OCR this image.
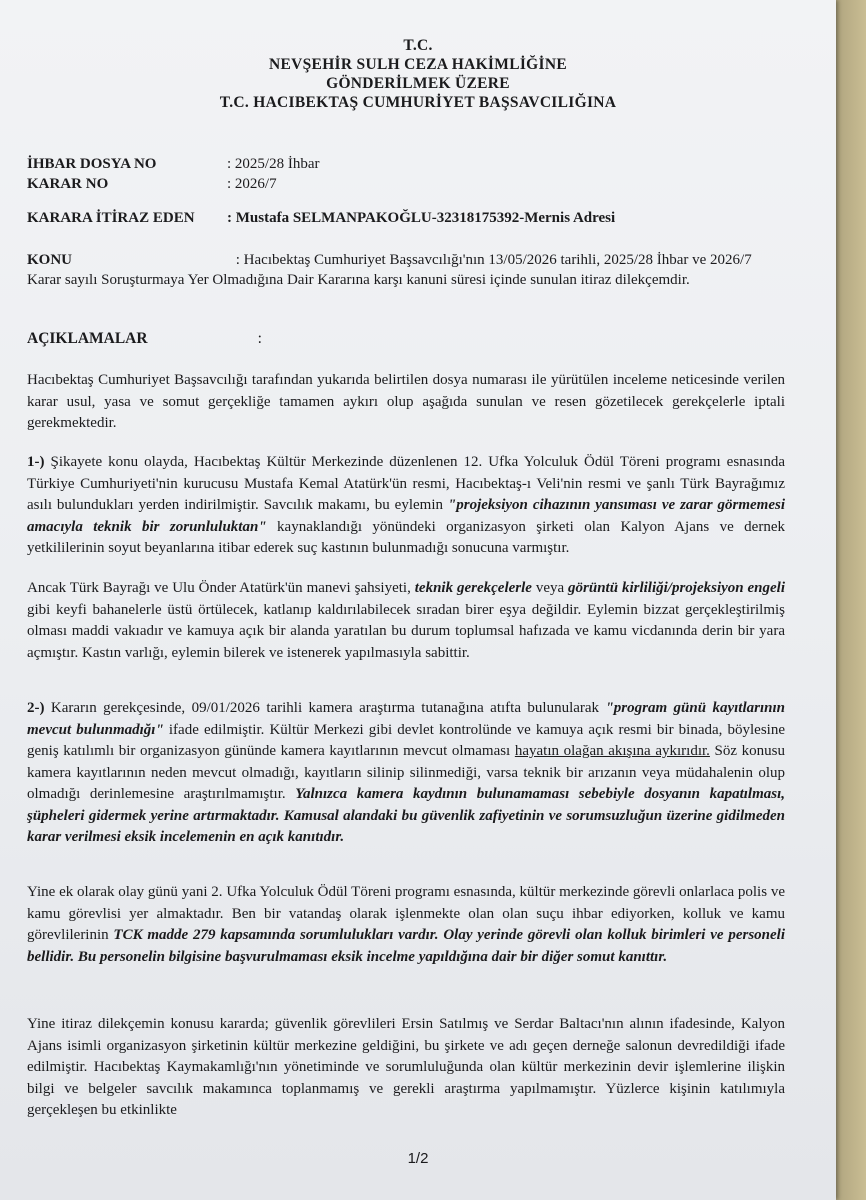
T.C.
NEVŞEHİR SULH CEZA HAKİMLİĞİNE
GÖNDERİLMEK ÜZERE
T.C. HACIBEKTAŞ CUMHURİYET BAŞSAVCILIĞINA
İHBAR DOSYA NO	: 2025/28 İhbar
KARAR NO	: 2026/7
KARARA İTİRAZ EDEN : Mustafa SELMANPAKOĞLU-32318175392-Mernis Adresi
KONU	: Hacıbektaş Cumhuriyet Başsavcılığı'nın 13/05/2026 tarihli, 2025/28 İhbar ve 2026/7 Karar sayılı Soruşturmaya Yer Olmadığına Dair Kararına karşı kanuni süresi içinde sunulan itiraz dilekçemdir.
AÇIKLAMALAR	:
Hacıbektaş Cumhuriyet Başsavcılığı tarafından yukarıda belirtilen dosya numarası ile yürütülen inceleme neticesinde verilen karar usul, yasa ve somut gerçekliğe tamamen aykırı olup aşağıda sunulan ve resen gözetilecek gerekçelerle iptali gerekmektedir.
1-) Şikayete konu olayda, Hacıbektaş Kültür Merkezinde düzenlenen 12. Ufka Yolculuk Ödül Töreni programı esnasında Türkiye Cumhuriyeti'nin kurucusu Mustafa Kemal Atatürk'ün resmi, Hacıbektaş-ı Veli'nin resmi ve şanlı Türk Bayrağımız asılı bulundukları yerden indirilmiştir. Savcılık makamı, bu eylemin "projeksiyon cihazının yansıması ve zarar görmemesi amacıyla teknik bir zorunluluktan" kaynaklandığı yönündeki organizasyon şirketi olan Kalyon Ajans ve dernek yetkililerinin soyut beyanlarına itibar ederek suç kastının bulunmadığı sonucuna varmıştır.
Ancak Türk Bayrağı ve Ulu Önder Atatürk'ün manevi şahsiyeti, teknik gerekçelerle veya görüntü kirliliği/projeksiyon engeli gibi keyfi bahanelerle üstü örtülecek, katlanıp kaldırılabilecek sıradan birer eşya değildir. Eylemin bizzat gerçekleştirilmiş olması maddi vakıadır ve kamuya açık bir alanda yaratılan bu durum toplumsal hafızada ve kamu vicdanında derin bir yara açmıştır. Kastın varlığı, eylemin bilerek ve istenerek yapılmasıyla sabittir.
2-) Kararın gerekçesinde, 09/01/2026 tarihli kamera araştırma tutanağına atıfta bulunularak "program günü kayıtlarının mevcut bulunmadığı" ifade edilmiştir. Kültür Merkezi gibi devlet kontrolünde ve kamuya açık resmi bir binada, böylesine geniş katılımlı bir organizasyon gününde kamera kayıtlarının mevcut olmaması hayatın olağan akışına aykırıdır. Söz konusu kamera kayıtlarının neden mevcut olmadığı, kayıtların silinip silinmediği, varsa teknik bir arızanın veya müdahalenin olup olmadığı derinlemesine araştırılmamıştır. Yalnızca kamera kaydının bulunamaması sebebiyle dosyanın kapatılması, şüpheleri gidermek yerine artırmaktadır. Kamusal alandaki bu güvenlik zafiyetinin ve sorumsuzluğun üzerine gidilmeden karar verilmesi eksik incelemenin en açık kanıtıdır.
Yine ek olarak olay günü yani 2. Ufka Yolculuk Ödül Töreni programı esnasında, kültür merkezinde görevli onlarlaca polis ve kamu görevlisi yer almaktadır. Ben bir vatandaş olarak işlenmekte olan olan suçu ihbar ediyorken, kolluk ve kamu görevlilerinin TCK madde 279 kapsamında sorumlulukları vardır. Olay yerinde görevli olan kolluk birimleri ve personeli bellidir. Bu personelin bilgisine başvurulmaması eksik incelme yapıldığına dair bir diğer somut kanıttır.
Yine itiraz dilekçemin konusu kararda; güvenlik görevlileri Ersin Satılmış ve Serdar Baltacı'nın alının ifadesinde, Kalyon Ajans isimli organizasyon şirketinin kültür merkezine geldiğini, bu şirkete ve adı geçen derneğe salonun devredildiği ifade edilmiştir. Hacıbektaş Kaymakamlığı'nın yönetiminde ve sorumluluğunda olan kültür merkezinin devir işlemlerine ilişkin bilgi ve belgeler savcılık makamınca toplanmamış ve gerekli araştırma yapılmamıştır. Yüzlerce kişinin katılımıyla gerçekleşen bu etkinlikte
1/2
